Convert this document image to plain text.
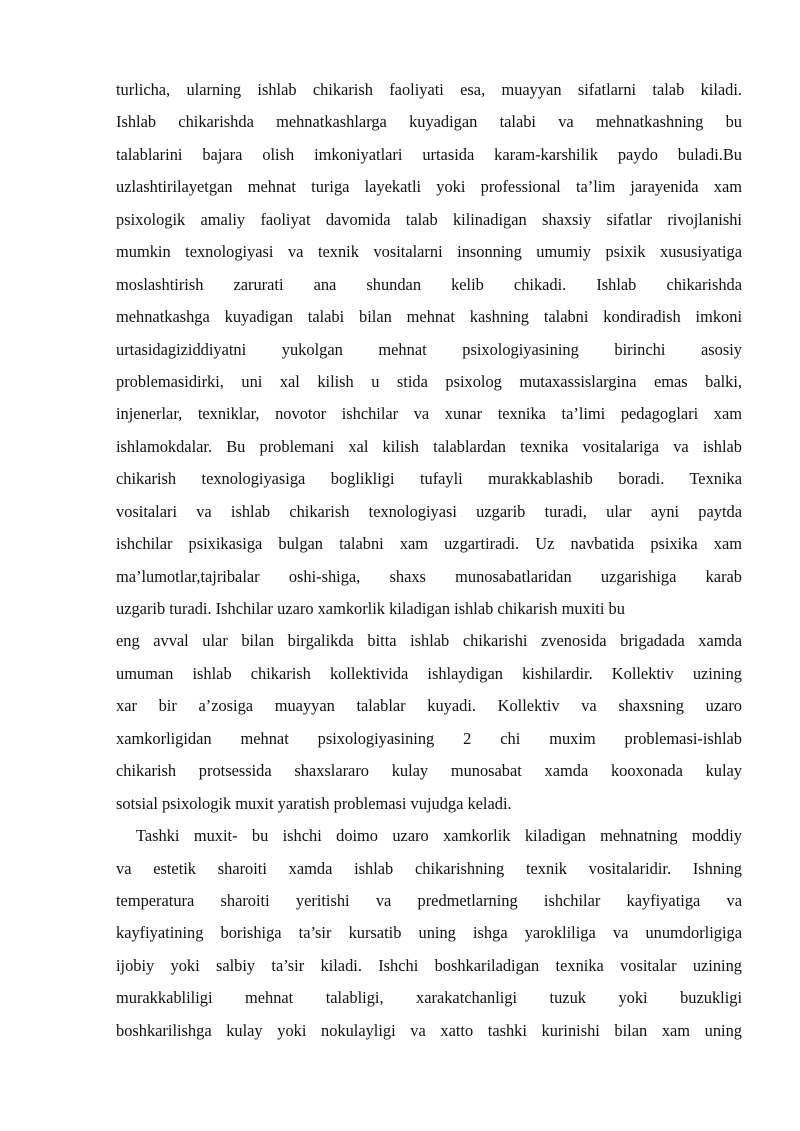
turlicha, ularning ishlab chikarish faoliyati esa, muayyan sifatlarni talab kiladi.
Ishlab chikarishda mehnatkashlarga kuyadigan talabi va mehnatkashning bu
talablarini bajara olish imkoniyatlari urtasida karam-karshilik paydo buladi.Bu
uzlashtirilayetgan mehnat turiga layekatli yoki professional ta’lim jarayenida xam
psixologik amaliy faoliyat davomida talab kilinadigan shaxsiy sifatlar rivojlanishi
mumkin texnologiyasi va texnik vositalarni insonning umumiy psixik xususiyatiga
moslashtirish zarurati ana shundan kelib chikadi. Ishlab chikarishda
mehnatkashga kuyadigan talabi bilan mehnat kashning talabni kondiradish imkoni
urtasidagiziddiyatni yukolgan mehnat psixologiyasining birinchi asosiy
problemasidirki, uni xal kilish u stida psixolog mutaxassislargina emas balki,
injenerlar, texniklar, novotor ishchilar va xunar texnika ta’limi pedagoglari xam
ishlamokdalar. Bu problemani xal kilish talablardan texnika vositalariga va ishlab
chikarish texnologiyasiga boglikligi tufayli murakkablashib boradi. Texnika
vositalari va ishlab chikarish texnologiyasi uzgarib turadi, ular ayni paytda
ishchilar psixikasiga bulgan talabni xam uzgartiradi. Uz navbatida psixika xam
ma’lumotlar,tajribalar oshi-shiga, shaxs munosabatlaridan uzgarishiga karab
uzgarib turadi. Ishchilar uzaro xamkorlik kiladigan ishlab chikarish muxiti bu
eng avval ular bilan birgalikda bitta ishlab chikarishi zvenosida brigadada xamda
umuman ishlab chikarish kollektivida ishlaydigan kishilardir. Kollektiv uzining
xar bir a’zosiga muayyan talablar kuyadi. Kollektiv va shaxsning uzaro
xamkorligidan mehnat psixologiyasining 2 chi muxim problemasi-ishlab
chikarish protsessida shaxslararo kulay munosabat xamda kooxonada kulay
sotsial psixologik muxit yaratish problemasi vujudga keladi.
Tashki muxit- bu ishchi doimo uzaro xamkorlik kiladigan mehnatning moddiy
va estetik sharoiti xamda ishlab chikarishning texnik vositalaridir. Ishning
temperatura sharoiti yeritishi va predmetlarning ishchilar kayfiyatiga va
kayfiyatining borishiga ta’sir kursatib uning ishga yarokliliga va unumdorligiga
ijobiy yoki salbiy ta’sir kiladi. Ishchi boshkariladigan texnika vositalar uzining
murakkabliligi mehnat talabligi, xarakatchanligi tuzuk yoki buzukligi
boshkarilishga kulay yoki nokulayligi va xatto tashki kurinishi bilan xam uning
